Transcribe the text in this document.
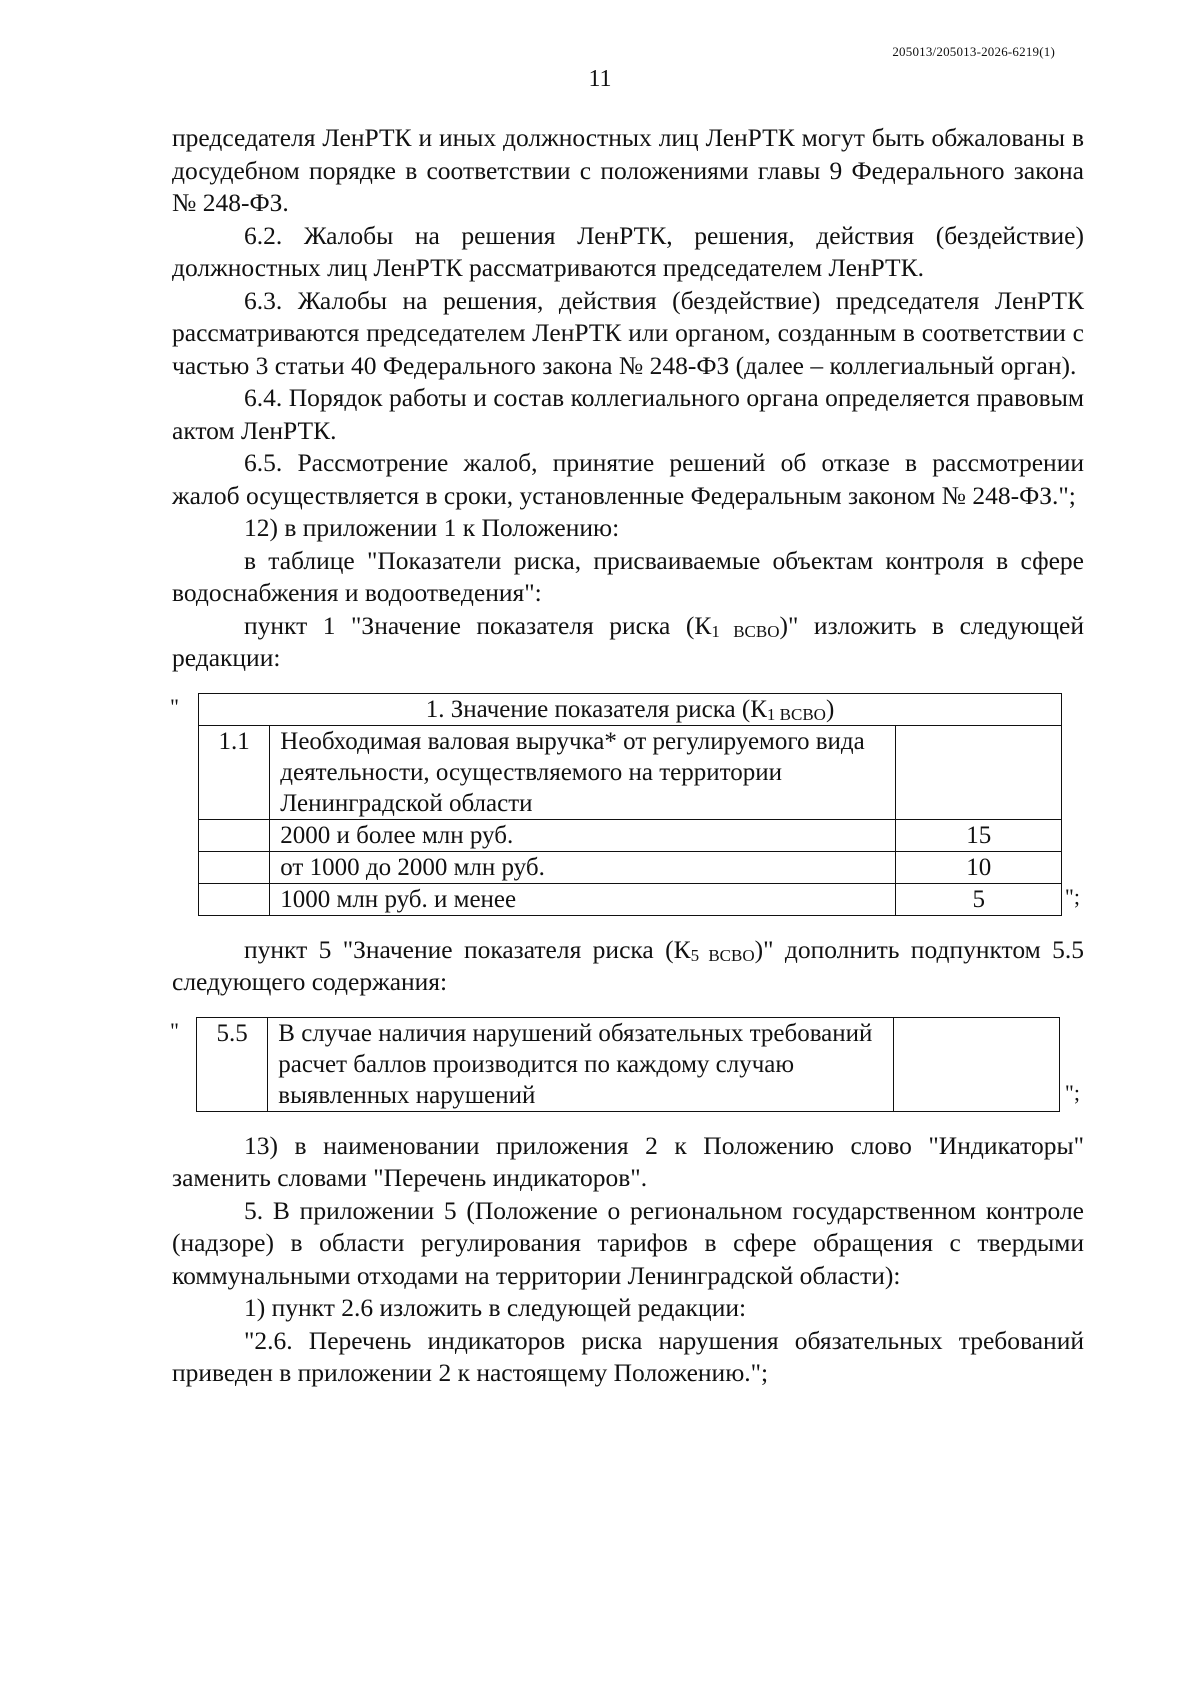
205013/205013-2026-6219(1)
11

председателя ЛенРТК и иных должностных лиц ЛенРТК могут быть обжалованы в досудебном порядке в соответствии с положениями главы 9 Федерального закона № 248-ФЗ.

6.2. Жалобы на решения ЛенРТК, решения, действия (бездействие) должностных лиц ЛенРТК рассматриваются председателем ЛенРТК.

6.3. Жалобы на решения, действия (бездействие) председателя ЛенРТК рассматриваются председателем ЛенРТК или органом, созданным в соответствии с частью 3 статьи 40 Федерального закона № 248-ФЗ (далее – коллегиальный орган).

6.4. Порядок работы и состав коллегиального органа определяется правовым актом ЛенРТК.

6.5. Рассмотрение жалоб, принятие решений об отказе в рассмотрении жалоб осуществляется в сроки, установленные Федеральным законом № 248-ФЗ.";

12) в приложении 1 к Положению:

в таблице "Показатели риска, присваиваемые объектам контроля в сфере водоснабжения и водоотведения":

пункт 1 "Значение показателя риска $(К_{1 ВСВО})$" изложить в следующей редакции:

"	1. Значение показателя риска $(К_{1 ВСВО})$		
1.1	Необходимая валовая выручка* от регулируемого вида деятельности, осуществляемого на территории Ленинградской области	
	2000 и более млн руб.	15
	от 1000 до 2000 млн руб.	10
	1000 млн руб. и менее	5	";

пункт 5 "Значение показателя риска $(К_{5 ВСВО})$" дополнить подпунктом 5.5 следующего содержания:

" 5.5	В случае наличия нарушений обязательных требований расчет баллов производится по каждому случаю выявленных нарушений		";

13) в наименовании приложения 2 к Положению слово "Индикаторы" заменить словами "Перечень индикаторов".

5. В приложении 5 (Положение о региональном государственном контроле (надзоре) в области регулирования тарифов в сфере обращения с твердыми коммунальными отходами на территории Ленинградской области):

1) пункт 2.6 изложить в следующей редакции:

"2.6. Перечень индикаторов риска нарушения обязательных требований приведен в приложении 2 к настоящему Положению.";
